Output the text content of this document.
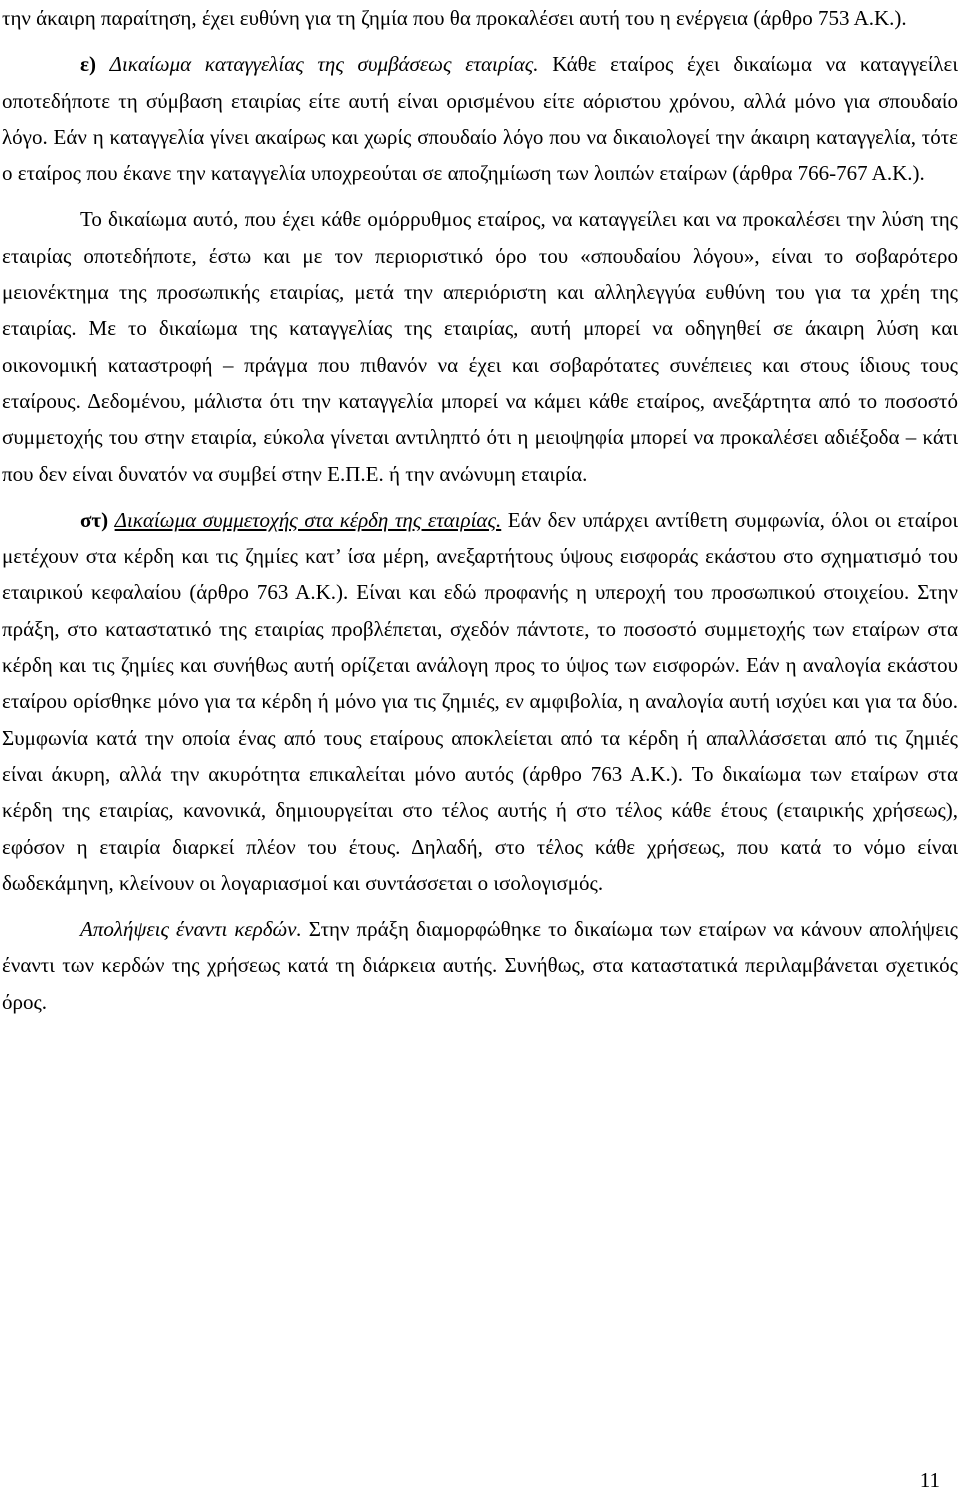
την άκαιρη παραίτηση, έχει ευθύνη για τη ζημία που θα προκαλέσει αυτή του η ενέργεια (άρθρο 753 Α.Κ.).

ε) Δικαίωμα καταγγελίας της συμβάσεως εταιρίας. Κάθε εταίρος έχει δικαίωμα να καταγγείλει οποτεδήποτε τη σύμβαση εταιρίας είτε αυτή είναι ορισμένου είτε αόριστου χρόνου, αλλά μόνο για σπουδαίο λόγο. Εάν η καταγγελία γίνει ακαίρως και χωρίς σπουδαίο λόγο που να δικαιολογεί την άκαιρη καταγγελία, τότε ο εταίρος που έκανε την καταγγελία υποχρεούται σε αποζημίωση των λοιπών εταίρων (άρθρα 766-767 Α.Κ.).

Το δικαίωμα αυτό, που έχει κάθε ομόρρυθμος εταίρος, να καταγγείλει και να προκαλέσει την λύση της εταιρίας οποτεδήποτε, έστω και με τον περιοριστικό όρο του «σπουδαίου λόγου», είναι το σοβαρότερο μειονέκτημα της προσωπικής εταιρίας, μετά την απεριόριστη και αλληλεγγύα ευθύνη του για τα χρέη της εταιρίας. Με το δικαίωμα της καταγγελίας της εταιρίας, αυτή μπορεί να οδηγηθεί σε άκαιρη λύση και οικονομική καταστροφή – πράγμα που πιθανόν να έχει και σοβαρότατες συνέπειες και στους ίδιους τους εταίρους. Δεδομένου, μάλιστα ότι την καταγγελία μπορεί να κάμει κάθε εταίρος, ανεξάρτητα από το ποσοστό συμμετοχής του στην εταιρία, εύκολα γίνεται αντιληπτό ότι η μειοψηφία μπορεί να προκαλέσει αδιέξοδα – κάτι που δεν είναι δυνατόν να συμβεί στην Ε.Π.Ε. ή την ανώνυμη εταιρία.

στ) Δικαίωμα συμμετοχής στα κέρδη της εταιρίας. Εάν δεν υπάρχει αντίθετη συμφωνία, όλοι οι εταίροι μετέχουν στα κέρδη και τις ζημίες κατ’ ίσα μέρη, ανεξαρτήτους ύψους εισφοράς εκάστου στο σχηματισμό του εταιρικού κεφαλαίου (άρθρο 763 Α.Κ.). Είναι και εδώ προφανής η υπεροχή του προσωπικού στοιχείου. Στην πράξη, στο καταστατικό της εταιρίας προβλέπεται, σχεδόν πάντοτε, το ποσοστό συμμετοχής των εταίρων στα κέρδη και τις ζημίες και συνήθως αυτή ορίζεται ανάλογη προς το ύψος των εισφορών. Εάν η αναλογία εκάστου εταίρου ορίσθηκε μόνο για τα κέρδη ή μόνο για τις ζημιές, εν αμφιβολία, η αναλογία αυτή ισχύει και για τα δύο. Συμφωνία κατά την οποία ένας από τους εταίρους αποκλείεται από τα κέρδη ή απαλλάσσεται από τις ζημιές είναι άκυρη, αλλά την ακυρότητα επικαλείται μόνο αυτός (άρθρο 763 Α.Κ.). Το δικαίωμα των εταίρων στα κέρδη της εταιρίας, κανονικά, δημιουργείται στο τέλος αυτής ή στο τέλος κάθε έτους (εταιρικής χρήσεως), εφόσον η εταιρία διαρκεί πλέον του έτους. Δηλαδή, στο τέλος κάθε χρήσεως, που κατά το νόμο είναι δωδεκάμηνη, κλείνουν οι λογαριασμοί και συντάσσεται ο ισολογισμός.

Απολήψεις έναντι κερδών. Στην πράξη διαμορφώθηκε το δικαίωμα των εταίρων να κάνουν απολήψεις έναντι των κερδών της χρήσεως κατά τη διάρκεια αυτής. Συνήθως, στα καταστατικά περιλαμβάνεται σχετικός όρος.

11
